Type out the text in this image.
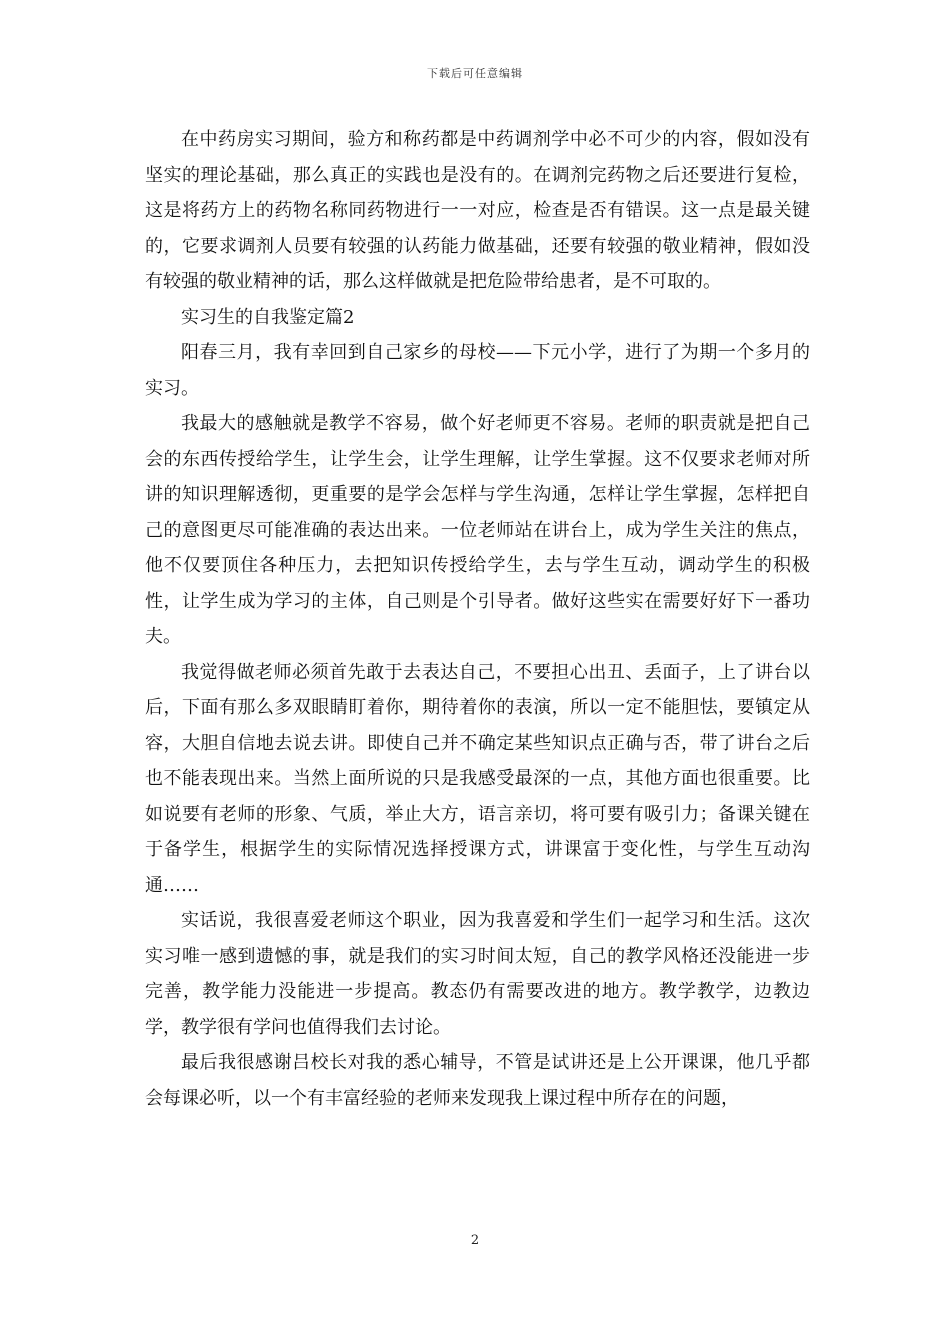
下载后可任意编辑

在中药房实习期间，验方和称药都是中药调剂学中必不可少的内容，假如没有坚实的理论基础，那么真正的实践也是没有的。在调剂完药物之后还要进行复检，这是将药方上的药物名称同药物进行一一对应，检查是否有错误。这一点是最关键的，它要求调剂人员要有较强的认药能力做基础，还要有较强的敬业精神，假如没有较强的敬业精神的话，那么这样做就是把危险带给患者，是不可取的。

实习生的自我鉴定篇2

阳春三月，我有幸回到自己家乡的母校——下元小学，进行了为期一个多月的实习。

我最大的感触就是教学不容易，做个好老师更不容易。老师的职责就是把自己会的东西传授给学生，让学生会，让学生理解，让学生掌握。这不仅要求老师对所讲的知识理解透彻，更重要的是学会怎样与学生沟通，怎样让学生掌握，怎样把自己的意图更尽可能准确的表达出来。一位老师站在讲台上，成为学生关注的焦点，他不仅要顶住各种压力，去把知识传授给学生，去与学生互动，调动学生的积极性，让学生成为学习的主体，自己则是个引导者。做好这些实在需要好好下一番功夫。

我觉得做老师必须首先敢于去表达自己，不要担心出丑、丢面子，上了讲台以后，下面有那么多双眼睛盯着你，期待着你的表演，所以一定不能胆怯，要镇定从容，大胆自信地去说去讲。即使自己并不确定某些知识点正确与否，带了讲台之后也不能表现出来。当然上面所说的只是我感受最深的一点，其他方面也很重要。比如说要有老师的形象、气质，举止大方，语言亲切，将可要有吸引力；备课关键在于备学生，根据学生的实际情况选择授课方式，讲课富于变化性，与学生互动沟通……

实话说，我很喜爱老师这个职业，因为我喜爱和学生们一起学习和生活。这次实习唯一感到遗憾的事，就是我们的实习时间太短，自己的教学风格还没能进一步完善，教学能力没能进一步提高。教态仍有需要改进的地方。教学教学，边教边学，教学很有学问也值得我们去讨论。

最后我很感谢吕校长对我的悉心辅导，不管是试讲还是上公开课课，他几乎都会每课必听，以一个有丰富经验的老师来发现我上课过程中所存在的问题，

2
